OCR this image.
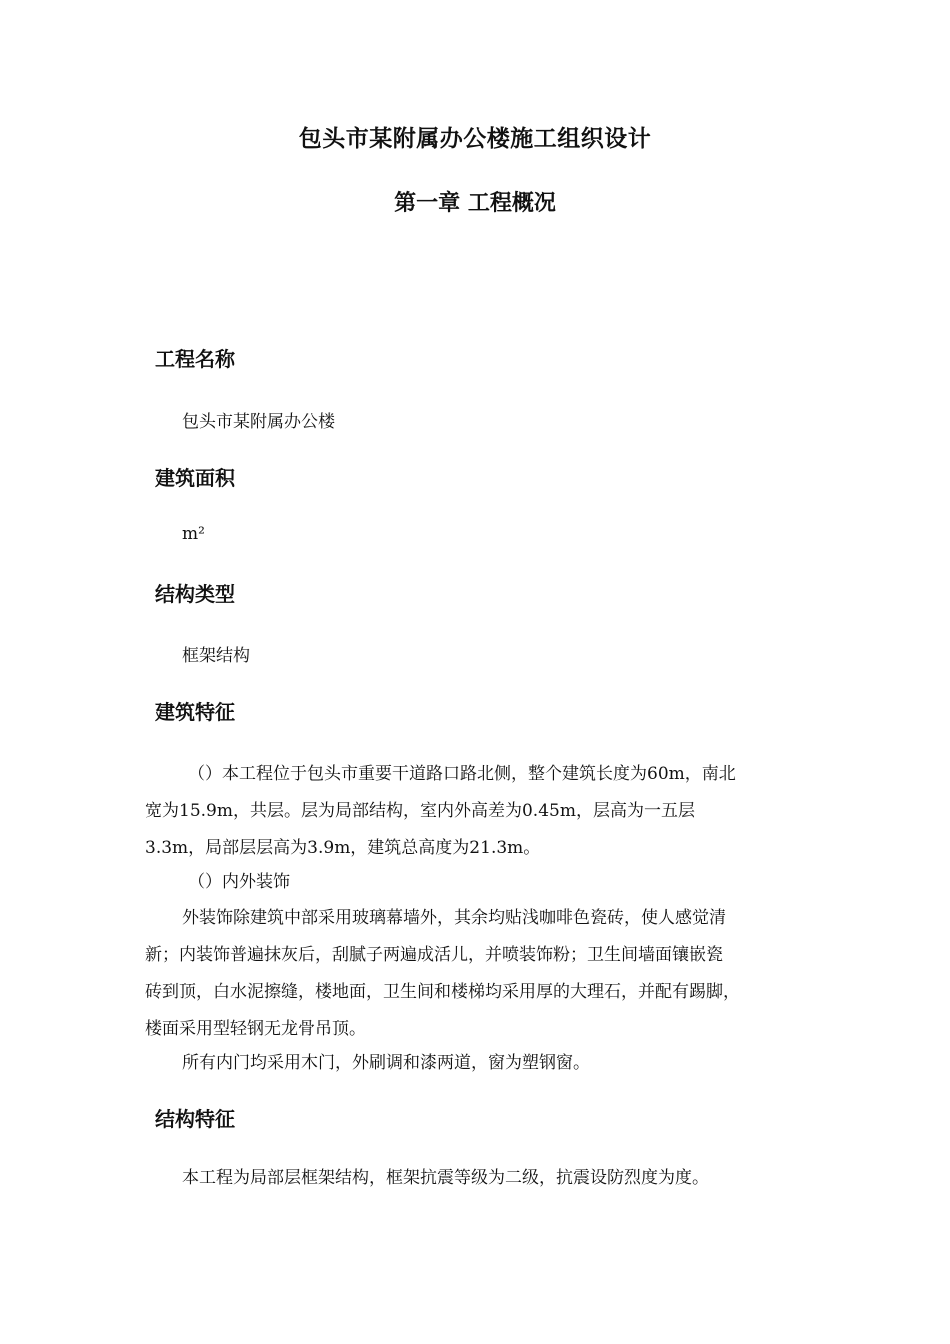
包头市某附属办公楼施工组织设计
第一章 工程概况
工程名称
包头市某附属办公楼
建筑面积
m²
结构类型
框架结构
建筑特征
（）本工程位于包头市重要干道路口路北侧，整个建筑长度为60m，南北
宽为15.9m，共层。层为局部结构，室内外高差为0.45m，层高为一五层
3.3m，局部层层高为3.9m，建筑总高度为21.3m。
（）内外装饰
外装饰除建筑中部采用玻璃幕墙外，其余均贴浅咖啡色瓷砖，使人感觉清
新；内装饰普遍抹灰后，刮腻子两遍成活儿，并喷装饰粉；卫生间墙面镶嵌瓷
砖到顶，白水泥擦缝，楼地面，卫生间和楼梯均采用厚的大理石，并配有踢脚，
楼面采用型轻钢无龙骨吊顶。
所有内门均采用木门，外刷调和漆两道，窗为塑钢窗。
结构特征
本工程为局部层框架结构，框架抗震等级为二级，抗震设防烈度为度。
